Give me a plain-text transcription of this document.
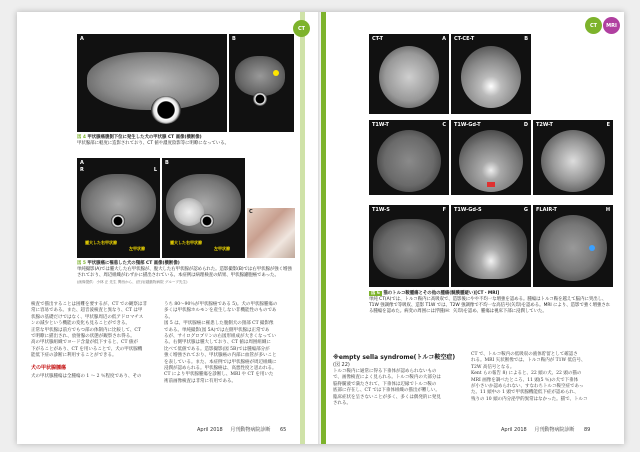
CT
A	B
図 4 甲状腺癌腹側下位に発生した犬の甲状腺 CT 画像(横断像)
甲状腺部に軽度に造影されており、CT 値や濃度陰影等に明瞭になっている。
A
R	L
腫大した右甲状腺
左甲状腺
B
腫大した右甲状腺
左甲状腺
C
図 5 甲状腺癌に罹患した犬の頸部 CT 画像(横断像)
単純撮影(A)では腫大した右甲状腺が、腹大した右甲状腺が認められた。造影撮影(B)では右甲状腺が強く増強されており、周辺組織がわずかに描出されている。本症例は病理検査の結果、甲状腺濾胞癌であった。
(画像提供：小林 正 先生 関西から、(医)岩越動物病院 グループ先生)
検査で描出することは困難を要するが、CT での観察は非
常に容易である。また、超音波検査と異なり、CT は甲
状腺の基礎だけではなく、甲状腺周辺の低アドロマチス
ンの減少という機能の変化も見ることができる。
正常な甲状腺は前方でもつ部の体制内に比較して、CT
で明瞭に描出され、放射腺の状態が観察され得る。
高の甲状腺組織でヨード含量が低下すると、CT 値が
下がることがあり、CT を用いることで、犬の甲状腺機
能低下症の診断に利用することができる。
犬の甲状腺腫瘍
犬の甲状腺腫瘍は全腫瘍の 1 ～ 2 ％程度であり、その
うち 80～90％が甲状腺癌である 5)。犬の甲状腺腫瘍の
多くは甲状腺ホルモンを産生しない非機能性のものであ
る。
図 5 は、甲状腺癌に罹患した腹側犬の頸部 CT 撮影像
である。単純撮影(図 5A)では左側甲状腺は正常であ
るが、サイログロブリンの右図形組成が大きくなってい
る。右側甲状腺は腫大しており、CT 値は周囲組織に
比べて低値である。造影撮影(図 5B)では腫瘍部分が
強く増強されており、甲状腺癌の内部に血管が多いこと
を表している。また、本症例では甲状腺癌が周辺組織に
浸潤が認められる。甲状腺癌は、高悪性度と思われる。
CT により甲状腺腫瘍を診断し、MRI や CT を用いた
術前画像検査は非常に有用である。
April 2018 月刊動物病院診断 65
CT	MRI
CT-T	A CT-CE-T	B
T1W-T	C T1W-Gd-T	D T2W-T	E
T1W-S	F T1W-Gd-S	G FLAIR-T	H
図 6 猫のトルコ鞍腫瘍とその他の腫瘍(髄膜腫疑い)[CT・MRI]
単純 CT(A)では、トルコ鞍内に高吸収で、造影後にやや不均一な増強を認める。腫瘍はトルコ鞍を越えて脳内に突出し、T1W 強調像で等吸収、造影 T1W では、T2W 強調像で不均一な高信号(矢印)を認める。MRI により、造影で強く増強される腫瘍を認めた。病変の周囲には浮腫(H：矢印)を認め、腫瘍は視床下部に浸潤していた。
※empty sella syndrome(トルコ鞍空症)
(図 22)
トルコ鞍内に通常に得る下垂体が認められないもの
で、画像検査によく見られる。トルコ鞍内の大部分は
脳脊髄液で満たされて、下垂体は辺縁でトルコ鞍の
底部に存在し、CT では下垂体組織の描出が難しい。
臨床症状を呈さないことが多く、多くは偶発的に発見
される。
CT で、トルコ鞍内の低吸収の液体貯留として確認さ
れる。MRI 矢状断像では、トルコ鞍内が T1W 低信号、
T2W 高信号となる。
Kent らの報告 8) によると、22 頭の犬、22 頭の猫の
MRI 画像を調べたところ、11 頭(5 ％)の犬で下垂体
が小さいか認められない、すなわちトルコ鞍空症であっ
た。11 頭中の 1 頭で甲状腺機能低下症が認められ、
残りの 10 頭の内分泌学的異常はなかった。猫で、トルコ
April 2018 月刊動物病院診断 89
